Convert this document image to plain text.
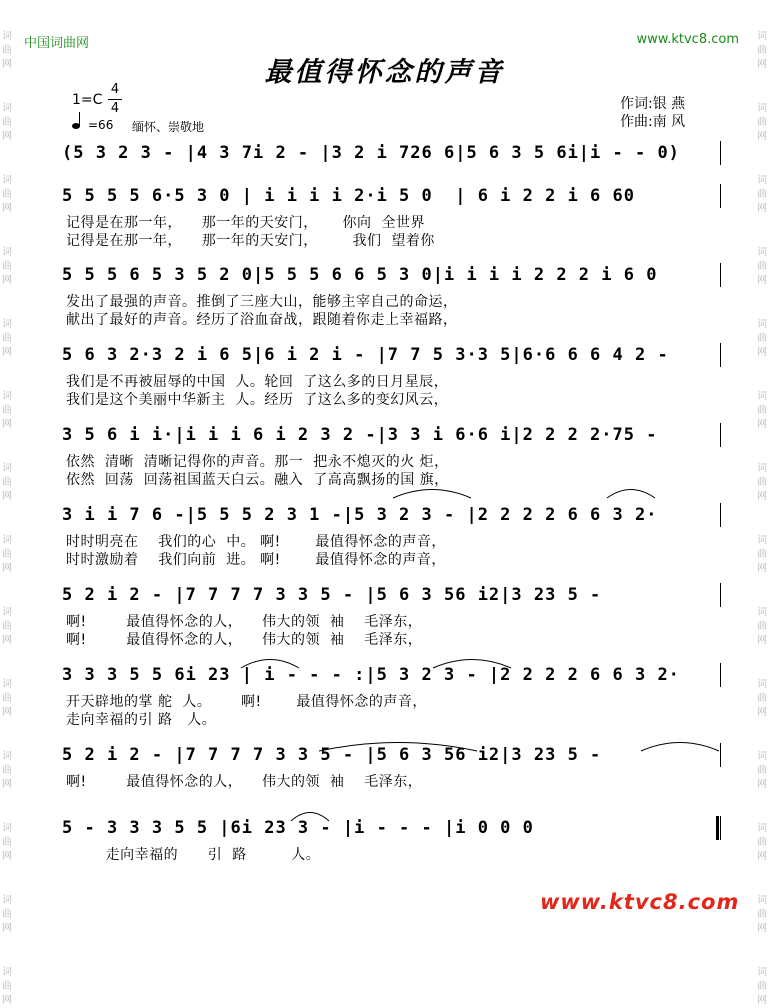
词
曲
网
词
曲
网
词
曲
网
词
曲
网
词
曲
网
词
曲
网
词
曲
网
词
曲
网
词
曲
网
词
曲
网
词
曲
网
词
曲
网
词
曲
网
词
曲
网
词
曲
网
词
曲
网
词
曲
网
词
曲
网
词
曲
网
词
曲
网
词
曲
网
词
曲
网
词
曲
网
词
曲
网
词
曲
网
词
曲
网
词
曲
网
词
曲
网
中国词曲网	www.ktvc8.com
最值得怀念的声音
1=C
4
4
=66 缅怀、崇敬地
作词:银 燕
作曲:南 风
(5 3 2 3 - |4 3 7i 2 - |3 2 i 726 6|5 6 3 5 6i|i - - 0)
5 5 5 5 6·5 3 0 | i i i i 2·i 5 0  | 6 i 2 2 i 6 60
记得是在那一年，    那一年的天安门，     你向  全世界
记得是在那一年，    那一年的天安门，       我们  望着你
5 5 5 6 5 3 5 2 0|5 5 5 6 6 5 3 0|i i i i 2 2 2 i 6 0
发出了最强的声音。推倒了三座大山，能够主宰自己的命运，
献出了最好的声音。经历了浴血奋战，跟随着你走上幸福路，
5 6 3 2·3 2 i 6 5|6 i 2 i - |7 7 5 3·3 5|6·6 6 6 4 2 -
我们是不再被屈辱的中国  人。轮回  了这么多的日月星辰，
我们是这个美丽中华新主  人。经历  了这么多的变幻风云，
3 5 6 i i·|i i i 6 i 2 3 2 -|3 3 i 6·6 i|2 2 2 2·75 -
依然  清晰  清晰记得你的声音。那一  把永不熄灭的火 炬，
依然  回荡  回荡祖国蓝天白云。融入  了高高飘扬的国 旗，
3 i i 7 6 -|5 5 5 2 3 1 -|5 3 2 3 - |2 2 2 2 6 6 3 2·
时时明亮在    我们的心  中。 啊!       最值得怀念的声音，
时时激励着    我们向前  进。 啊!       最值得怀念的声音，
5 2 i 2 - |7 7 7 7 3 3 5 - |5 6 3 56 i2|3 23 5 -
啊!        最值得怀念的人，    伟大的领  袖    毛泽东，
啊!        最值得怀念的人，    伟大的领  袖    毛泽东，
3 3 3 5 5 6i 23 | i - - - :|5 3 2 3 - |2 2 2 2 6 6 3 2·
开天辟地的掌 舵  人。      啊!       最值得怀念的声音，
走向幸福的引 路   人。
5 2 i 2 - |7 7 7 7 3 3 5 - |5 6 3 56 i2|3 23 5 -
啊!        最值得怀念的人，    伟大的领  袖    毛泽东，
5 - 3 3 3 5 5 |6i 23 3 - |i - - - |i 0 0 0
走向幸福的      引  路         人。
www.ktvc8.com
